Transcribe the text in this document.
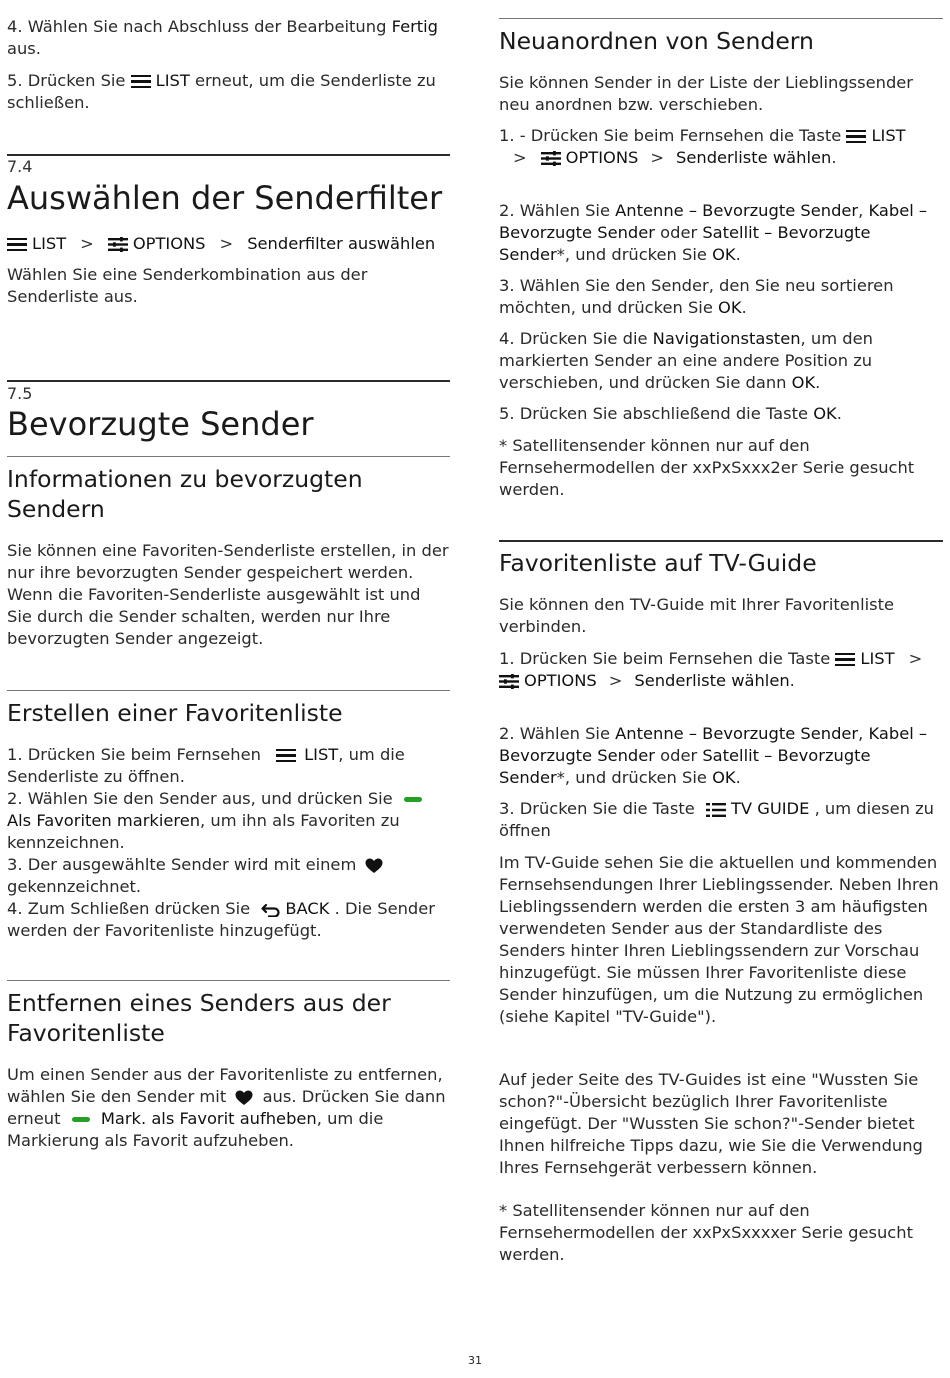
4. Wählen Sie nach Abschluss der Bearbeitung Fertig aus.

5. Drücken Sie
LIST erneut, um die Senderliste zu schließen.

7.4
Auswählen der Senderfilter

LIST > OPTIONS > Senderfilter auswählen

Wählen Sie eine Senderkombination aus der Senderliste aus.

7.5
Bevorzugte Sender
Informationen zu bevorzugten Sendern

Sie können eine Favoriten-Senderliste erstellen, in der nur ihre bevorzugten Sender gespeichert werden. Wenn die Favoriten-Senderliste ausgewählt ist und Sie durch die Sender schalten, werden nur Ihre bevorzugten Sender angezeigt.

Erstellen einer Favoritenliste
1. Drücken Sie beim Fernsehen
LIST, um die Senderliste zu öffnen.
2. Wählen Sie den Sender aus, und drücken Sie  Als Favoriten markieren, um ihn als Favoriten zu kennzeichnen.
3. Der ausgewählte Sender wird mit einem  gekennzeichnet.
4. Zum Schließen drücken Sie BACK . Die Sender werden der Favoritenliste hinzugefügt.
Entfernen eines Senders aus der Favoritenliste

Um einen Sender aus der Favoritenliste zu entfernen, wählen Sie den Sender mit  aus. Drücken Sie dann erneut  Mark. als Favorit aufheben, um die Markierung als Favorit aufzuheben.

Neuanordnen von Sendern

Sie können Sender in der Liste der Lieblingssender neu anordnen bzw. verschieben.

1. - Drücken Sie beim Fernsehen die Taste
LIST> OPTIONS > Senderliste wählen.

2. Wählen Sie Antenne – Bevorzugte Sender, Kabel – Bevorzugte Sender oder Satellit – Bevorzugte Sender*, und drücken Sie OK.

3. Wählen Sie den Sender, den Sie neu sortieren möchten, und drücken Sie OK.

4. Drücken Sie die Navigationstasten, um den markierten Sender an eine andere Position zu verschieben, und drücken Sie dann OK.

5. Drücken Sie abschließend die Taste OK.

* Satellitensender können nur auf den Fernsehermodellen der xxPxSxxx2er Serie gesucht werden.

Favoritenliste auf TV-Guide

Sie können den TV-Guide mit Ihrer Favoritenliste verbinden.

1. Drücken Sie beim Fernsehen die Taste
LIST >OPTIONS > Senderliste wählen.

2. Wählen Sie Antenne – Bevorzugte Sender, Kabel – Bevorzugte Sender oder Satellit – Bevorzugte Sender*, und drücken Sie OK.

3. Drücken Sie die Taste TV GUIDE , um diesen zu öffnen

Im TV-Guide sehen Sie die aktuellen und kommenden Fernsehsendungen Ihrer Lieblingssender. Neben Ihren Lieblingssendern werden die ersten 3 am häufigsten verwendeten Sender aus der Standardliste des Senders hinter Ihren Lieblingssendern zur Vorschau hinzugefügt. Sie müssen Ihrer Favoritenliste diese Sender hinzufügen, um die Nutzung zu ermöglichen (siehe Kapitel "TV-Guide").

Auf jeder Seite des TV-Guides ist eine "Wussten Sie schon?"-Übersicht bezüglich Ihrer Favoritenliste eingefügt. Der "Wussten Sie schon?"-Sender bietet Ihnen hilfreiche Tipps dazu, wie Sie die Verwendung Ihres Fernsehgerät verbessern können.

* Satellitensender können nur auf den Fernsehermodellen der xxPxSxxxxer Serie gesucht werden.

31
